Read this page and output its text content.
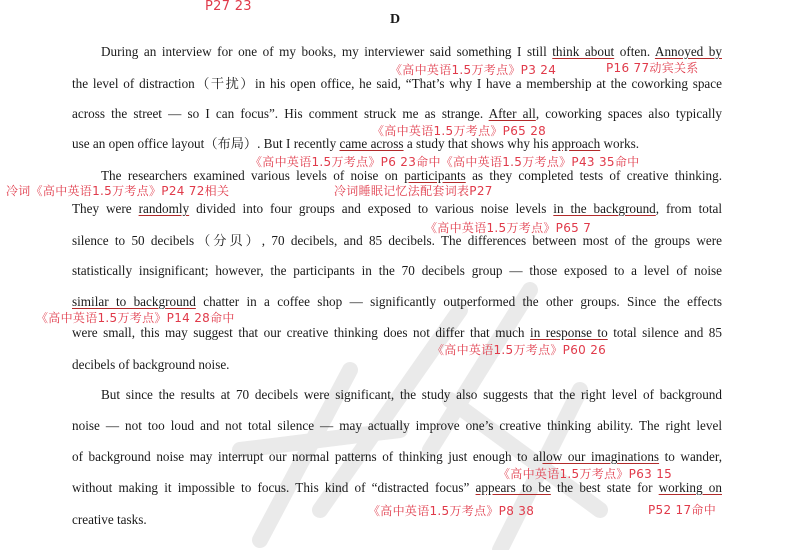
P27 23
D
During an interview for one of my books, my interviewer said something I still think about often. Annoyed by
《高中英语1.5万考点》P3 24	P16 77动宾关系
the level of distraction（干扰）in his open office, he said, “That’s why I have a membership at the coworking space
across the street — so I can focus”. His comment struck me as strange. After all, coworking spaces also typically
《高中英语1.5万考点》P65 28
use an open office layout（布局）. But I recently came across a study that shows why his approach works.
《高中英语1.5万考点》P6 23命中《高中英语1.5万考点》P43 35命中
The researchers examined various levels of noise on participants as they completed tests of creative thinking.
冷词《高中英语1.5万考点》P24 72相关	冷词睡眠记忆法配套词表P27
They were randomly divided into four groups and exposed to various noise levels in the background, from total
《高中英语1.5万考点》P65 7
silence to 50 decibels（分贝）, 70 decibels, and 85 decibels. The differences between most of the groups were
statistically insignificant; however, the participants in the 70 decibels group — those exposed to a level of noise
similar to background chatter in a coffee shop — significantly outperformed the other groups. Since the effects
《高中英语1.5万考点》P14 28命中
were small, this may suggest that our creative thinking does not differ that much in response to total silence and 85
《高中英语1.5万考点》P60 26
decibels of background noise.
But since the results at 70 decibels were significant, the study also suggests that the right level of background
noise — not too loud and not total silence — may actually improve one’s creative thinking ability. The right level
of background noise may interrupt our normal patterns of thinking just enough to allow our imaginations to wander,
《高中英语1.5万考点》P63 15
without making it impossible to focus. This kind of “distracted focus” appears to be the best state for working on
《高中英语1.5万考点》P8 38	P52 17命中
creative tasks.
